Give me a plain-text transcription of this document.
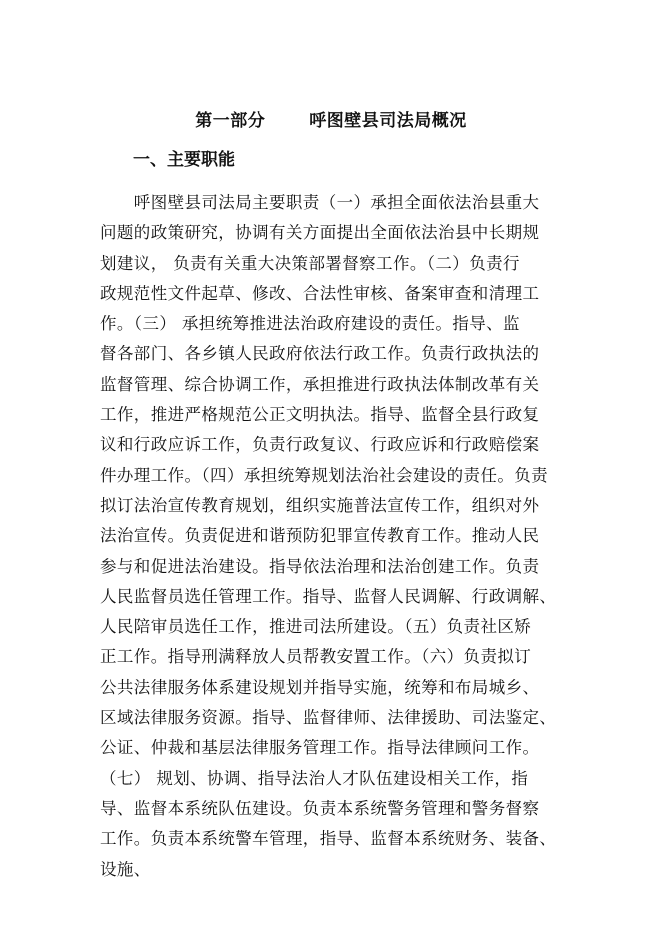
第一部分	呼图壁县司法局概况
一、主要职能
　　呼图壁县司法局主要职责（一）承担全面依法治县重大
问题的政策研究，协调有关方面提出全面依法治县中长期规
划建议， 负责有关重大决策部署督察工作。（二）负责行
政规范性文件起草、修改、合法性审核、备案审查和清理工
作。（三） 承担统筹推进法治政府建设的责任。指导、监
督各部门、各乡镇人民政府依法行政工作。负责行政执法的
监督管理、综合协调工作，承担推进行政执法体制改革有关
工作，推进严格规范公正文明执法。指导、监督全县行政复
议和行政应诉工作，负责行政复议、行政应诉和行政赔偿案
件办理工作。（四）承担统筹规划法治社会建设的责任。负责
拟订法治宣传教育规划，组织实施普法宣传工作，组织对外
法治宣传。负责促进和谐预防犯罪宣传教育工作。推动人民
参与和促进法治建设。指导依法治理和法治创建工作。负责
人民监督员选任管理工作。指导、监督人民调解、行政调解、
人民陪审员选任工作，推进司法所建设。（五）负责社区矫
正工作。指导刑满释放人员帮教安置工作。（六）负责拟订
公共法律服务体系建设规划并指导实施，统筹和布局城乡、
区域法律服务资源。指导、监督律师、法律援助、司法鉴定、
公证、仲裁和基层法律服务管理工作。指导法律顾问工作。
（七） 规划、协调、指导法治人才队伍建设相关工作，指
导、监督本系统队伍建设。负责本系统警务管理和警务督察
工作。负责本系统警车管理，指导、监督本系统财务、装备、
设施、
